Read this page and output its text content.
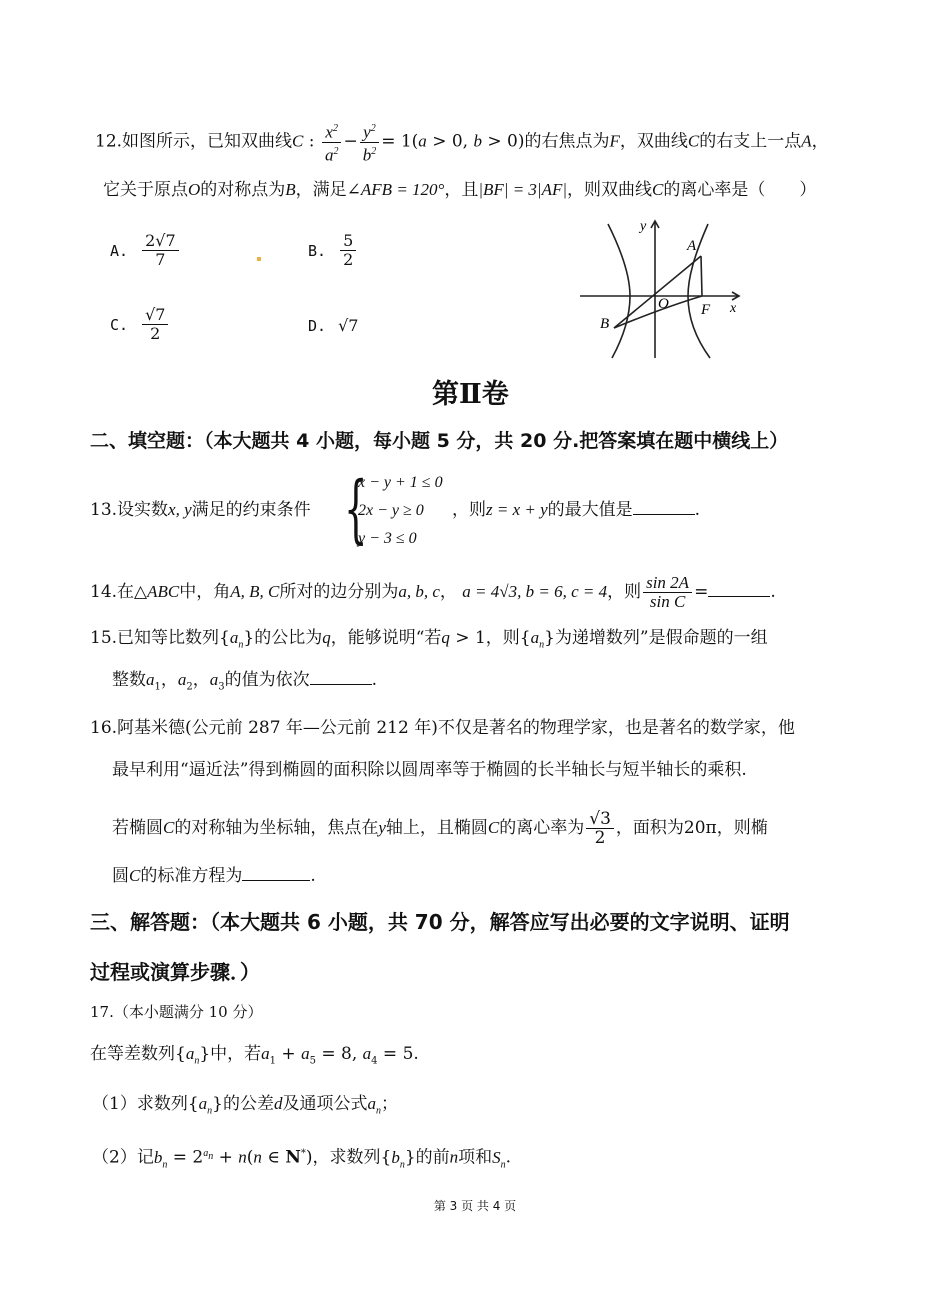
12.如图所示，已知双曲线C : $\frac{x^2}{a^2} - \frac{y^2}{b^2} = 1(a > 0$, b > 0)的右焦点为F，双曲线C的右支上一点A，
它关于原点O的对称点为B，满足∠AFB = 120°，且|BF| = 3|AF|，则双曲线C的离心率是（　　）
A. $\frac{2√7}{7}$	B. $\frac{5}{2}$
C. $\frac{√7}{2}$	D. √7
y
x
A
B
O F
第Ⅱ卷
二、填空题：（本大题共 4 小题，每小题 5 分，共 20 分.把答案填在题中横线上）
13.设实数x, y满足的约束条件 {
x − y + 1 ≤ 0
2x − y ≥ 0
y − 3 ≤ 0
，则z = x + y的最大值是	.
14.在△ABC中，角A, B, C所对的边分别为a, b, c， a = 4√3, b = 6, c = 4，则 $\frac{\sin 2A}{\text{sin C}}$ =	.
15.已知等比数列$\{a_n\}$的公比为q，能够说明“若q > 1，则$\{a_n\}$为递增数列”是假命题的一组
整数$a_1$，$a_2$，$a_3$的值为依次	.
16.阿基米德(公元前 287 年—公元前 212 年)不仅是著名的物理学家，也是著名的数学家，他
最早利用“逼近法”得到椭圆的面积除以圆周率等于椭圆的长半轴长与短半轴长的乘积.
若椭圆C的对称轴为坐标轴，焦点在y轴上，且椭圆C的离心率为 $\frac{√3}{2}$ ，面积为20π，则椭
圆C的标准方程为	.
三、解答题：（本大题共 6 小题，共 70 分，解答应写出必要的文字说明、证明
过程或演算步骤．）
17.（本小题满分 10 分）
在等差数列$\{a_n\}$中，若$a_1 + a_5 = 8$, $a_4 = 5$.
（1）求数列$\{a_n\}$的公差d及通项公式$a_n$；
（2）记$b_n = 2^{a_n} + n(n$ ∈ N*)，求数列$\{b_n\}$的前n项和$S_n$.
第 3 页 共 4 页
